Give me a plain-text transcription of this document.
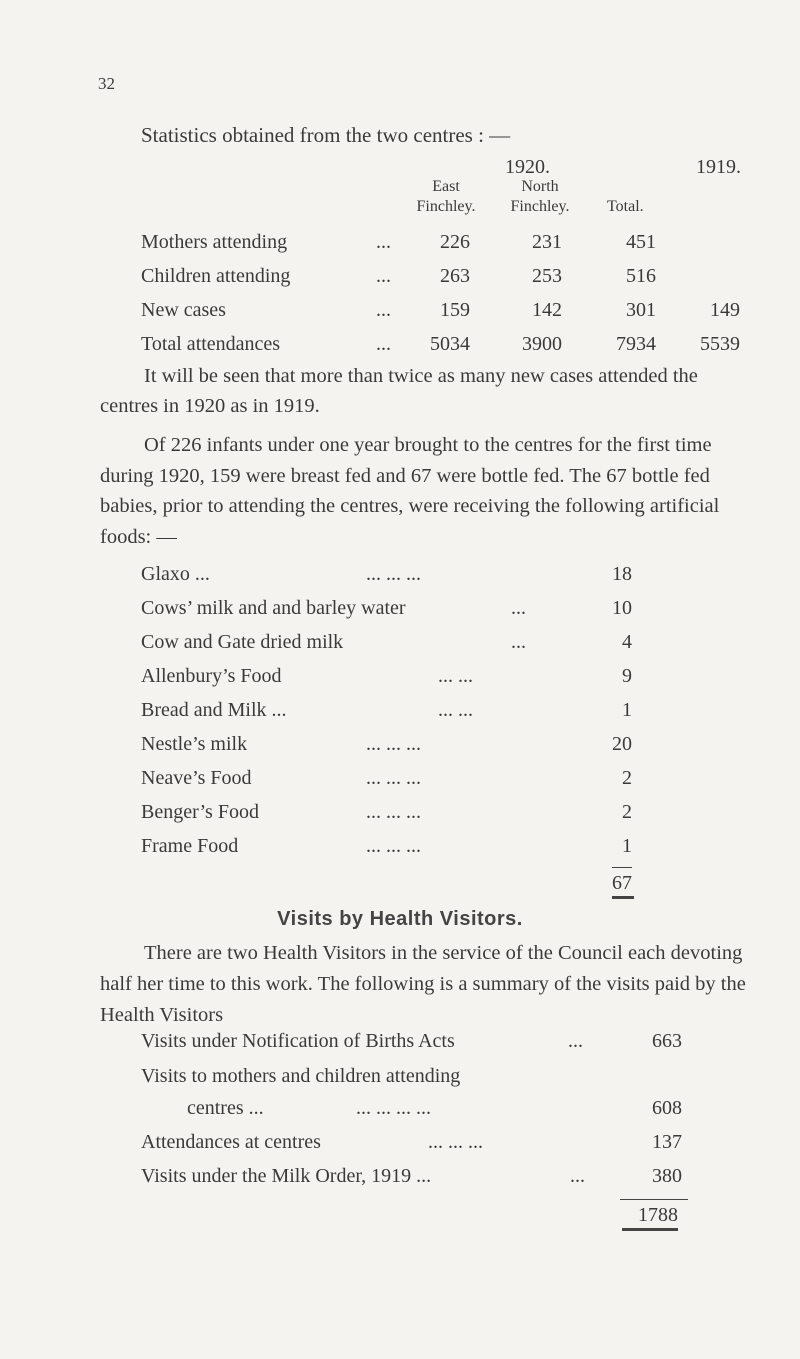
32
Statistics obtained from the two centres : —
1920.	1919.
East
Finchley.
North
Finchley.	Total.
Mothers attending	...	226	231	451
Children attending	...	263	253	516
New cases	...	159	142	301	149
Total attendances	...	5034	3900	7934	5539
It will be seen that more than twice as many new cases attended the centres in 1920 as in 1919.
Of 226 infants under one year brought to the centres for the first time during 1920, 159 were breast fed and 67 were bottle fed. The 67 bottle fed babies, prior to attending the centres, were receiving the following artificial foods: —
Glaxo ...	... ... ...	18
Cows’ milk and and barley water	...	10
Cow and Gate dried milk	...	4
Allenbury’s Food	... ...	9
Bread and Milk ...	... ...	1
Nestle’s milk	... ... ...	20
Neave’s Food	... ... ...	2
Benger’s Food	... ... ...	2
Frame Food	... ... ...	1
67
Visits by Health Visitors.
There are two Health Visitors in the service of the Council each devoting half her time to this work. The following is a summary of the visits paid by the Health Visitors
Visits under Notification of Births Acts	...	663
Visits to mothers and children attending
centres ...	... ... ... ...	608
Attendances at centres	... ... ...	137
Visits under the Milk Order, 1919 ...	...	380
1788
